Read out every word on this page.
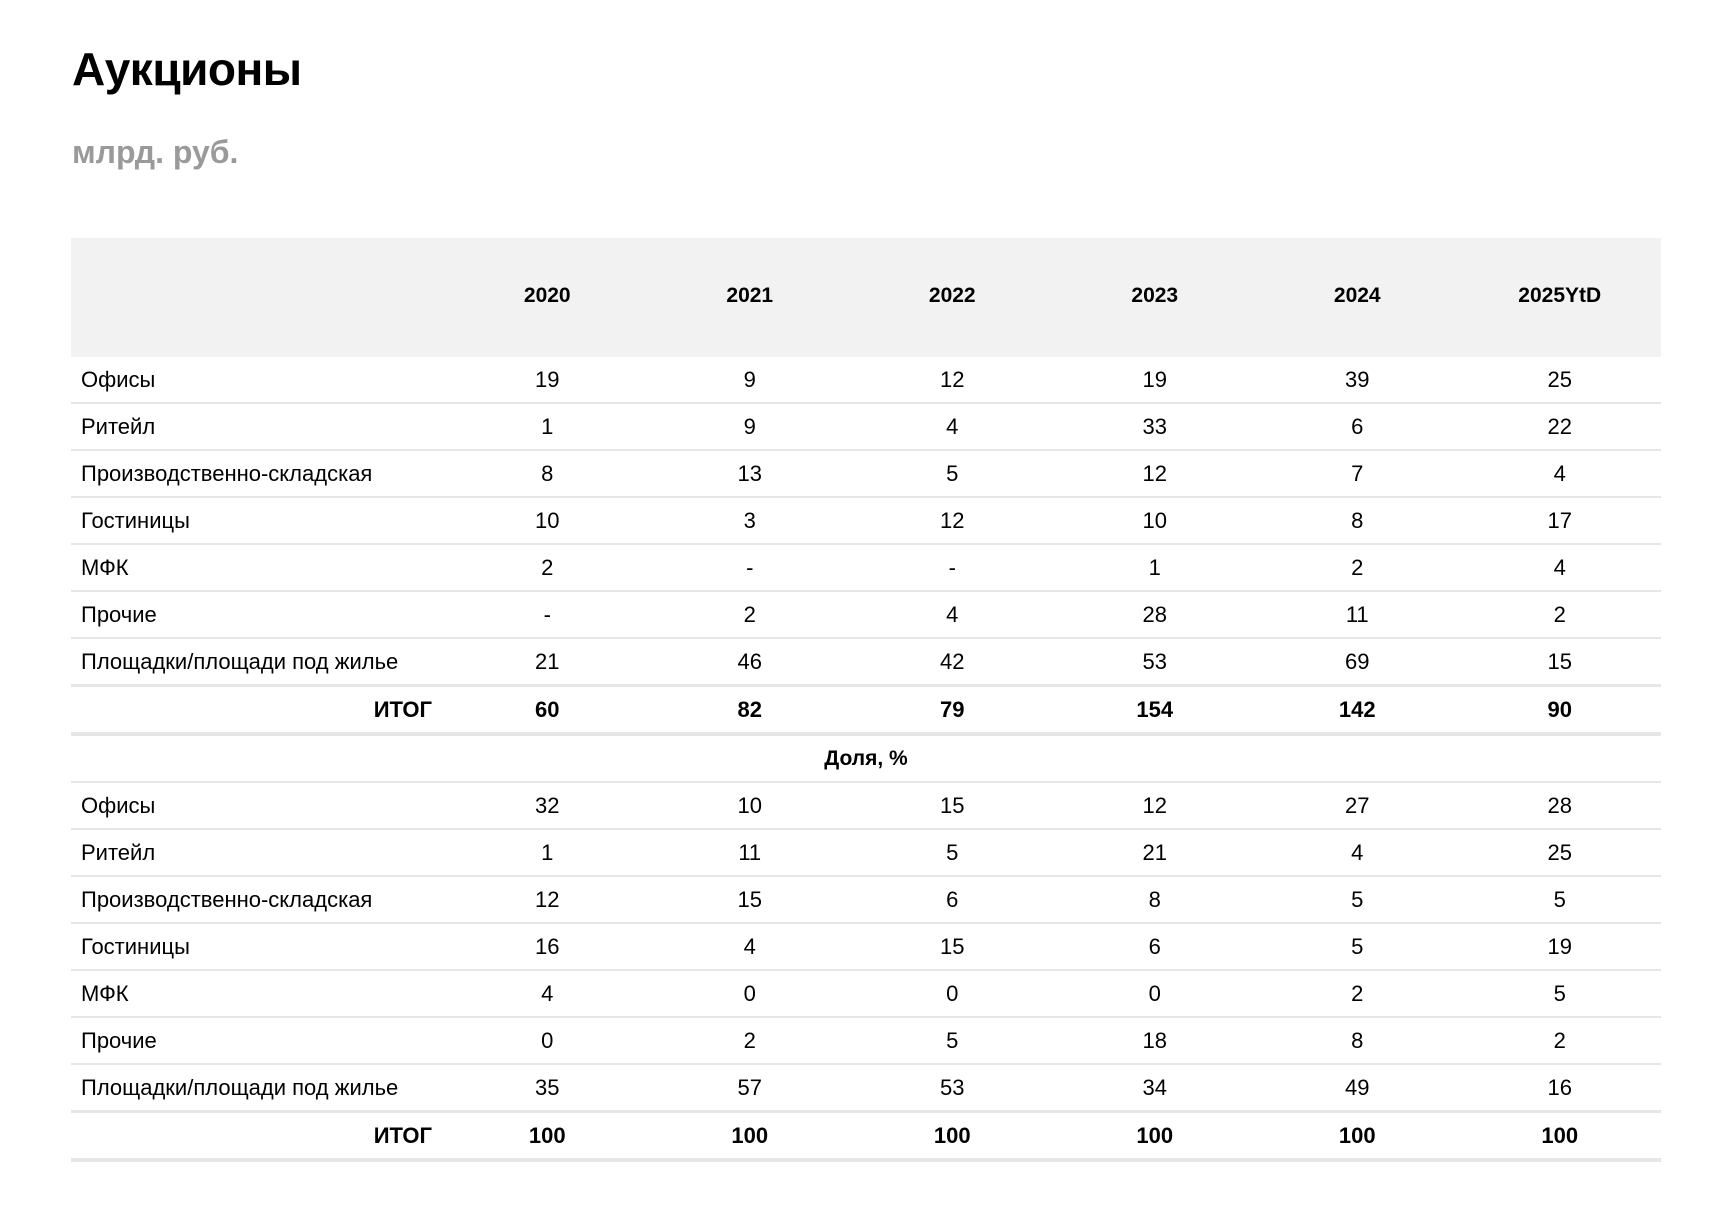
Аукционы
млрд. руб.
	2020	2021	2022	2023	2024	2025YtD
Офисы	19	9	12	19	39	25
Ритейл	1	9	4	33	6	22
Производственно-складская	8	13	5	12	7	4
Гостиницы	10	3	12	10	8	17
МФК	2	-	-	1	2	4
Прочие	-	2	4	28	11	2
Площадки/площади под жилье	21	46	42	53	69	15
ИТОГ	60	82	79	154	142	90
Доля, %						
Офисы	32	10	15	12	27	28
Ритейл	1	11	5	21	4	25
Производственно-складская	12	15	6	8	5	5
Гостиницы	16	4	15	6	5	19
МФК	4	0	0	0	2	5
Прочие	0	2	5	18	8	2
Площадки/площади под жилье	35	57	53	34	49	16
ИТОГ	100	100	100	100	100	100
